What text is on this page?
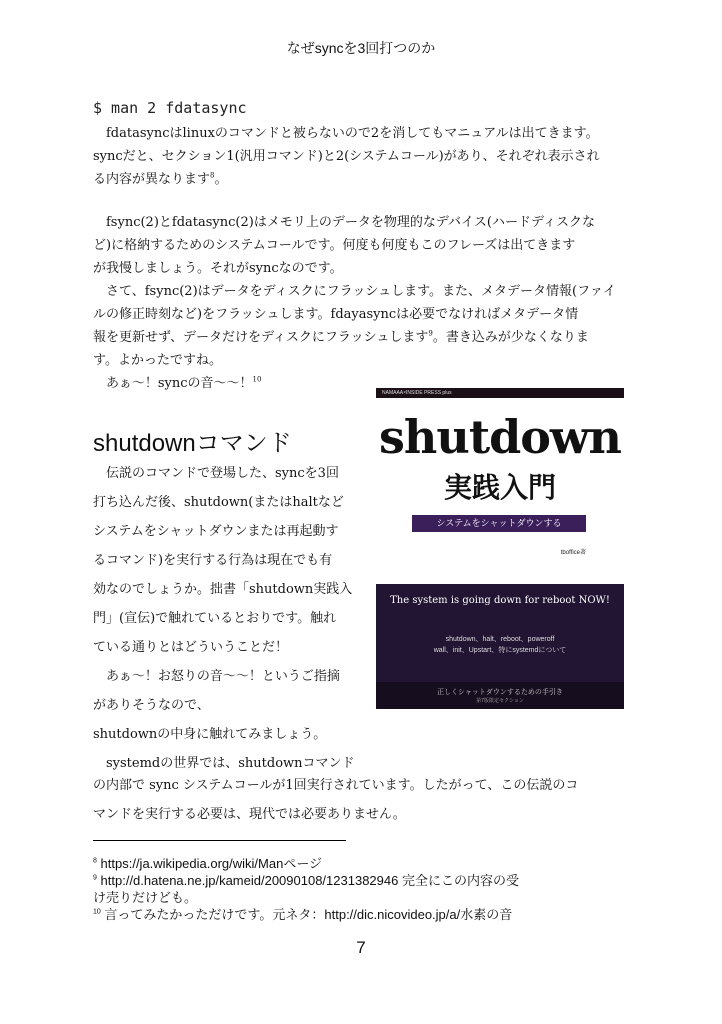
なぜsyncを3回打つのか
$ man 2 fdatasync

fdatasyncはlinuxのコマンドと被らないので2を消してもマニュアルは出てきます。

syncだと、セクション1(汎用コマンド)と2(システムコール)があり、それぞれ表示され

る内容が異なります$^8$。

fsync(2)とfdatasync(2)はメモリ上のデータを物理的なデバイス(ハードディスクな

ど)に格納するためのシステムコールです。何度も何度もこのフレーズは出てきます

が我慢しましょう。それがsyncなのです。

さて、fsync(2)はデータをディスクにフラッシュします。また、メタデータ情報(ファイ

ルの修正時刻など)をフラッシュします。fdayasyncは必要でなければメタデータ情

報を更新せず、データだけをディスクにフラッシュします$^9$。書き込みが少なくなりま

す。よかったですね。

あぁ〜！syncの音〜〜！$^{10}$

shutdownコマンド

伝説のコマンドで登場した、syncを3回

打ち込んだ後、shutdown(またはhaltなど

システムをシャットダウンまたは再起動す

るコマンド)を実行する行為は現在でも有

効なのでしょうか。拙書「shutdown実践入

門」(宣伝)で触れているとおりです。触れ

ている通りとはどういうことだ！

あぁ〜！お怒りの音〜〜！というご指摘

がありそうなので、

shutdownの中身に触れてみましょう。

systemdの世界では、shutdownコマンド

の内部で sync システムコールが1回実行されています。したがって、この伝説のコ

マンドを実行する必要は、現代では必要ありません。

NAMAAA×INSIDE PRESS plus
shutdown
実践入門
システムをシャットダウンする
tboffice著
The system is going down for reboot NOW!
shutdown、halt、reboot、poweroff
wall、init、Upstart、特にsystemdについて
正しくシャットダウンするための手引き
第7版限定セクション
$^8$ https://ja.wikipedia.org/wiki/Manページ
$^9$ http://d.hatena.ne.jp/kameid/20090108/1231382946 完全にこの内容の受
け売りだけども。
$^{10}$ 言ってみたかっただけです。元ネタ：http://dic.nicovideo.jp/a/水素の音
7
